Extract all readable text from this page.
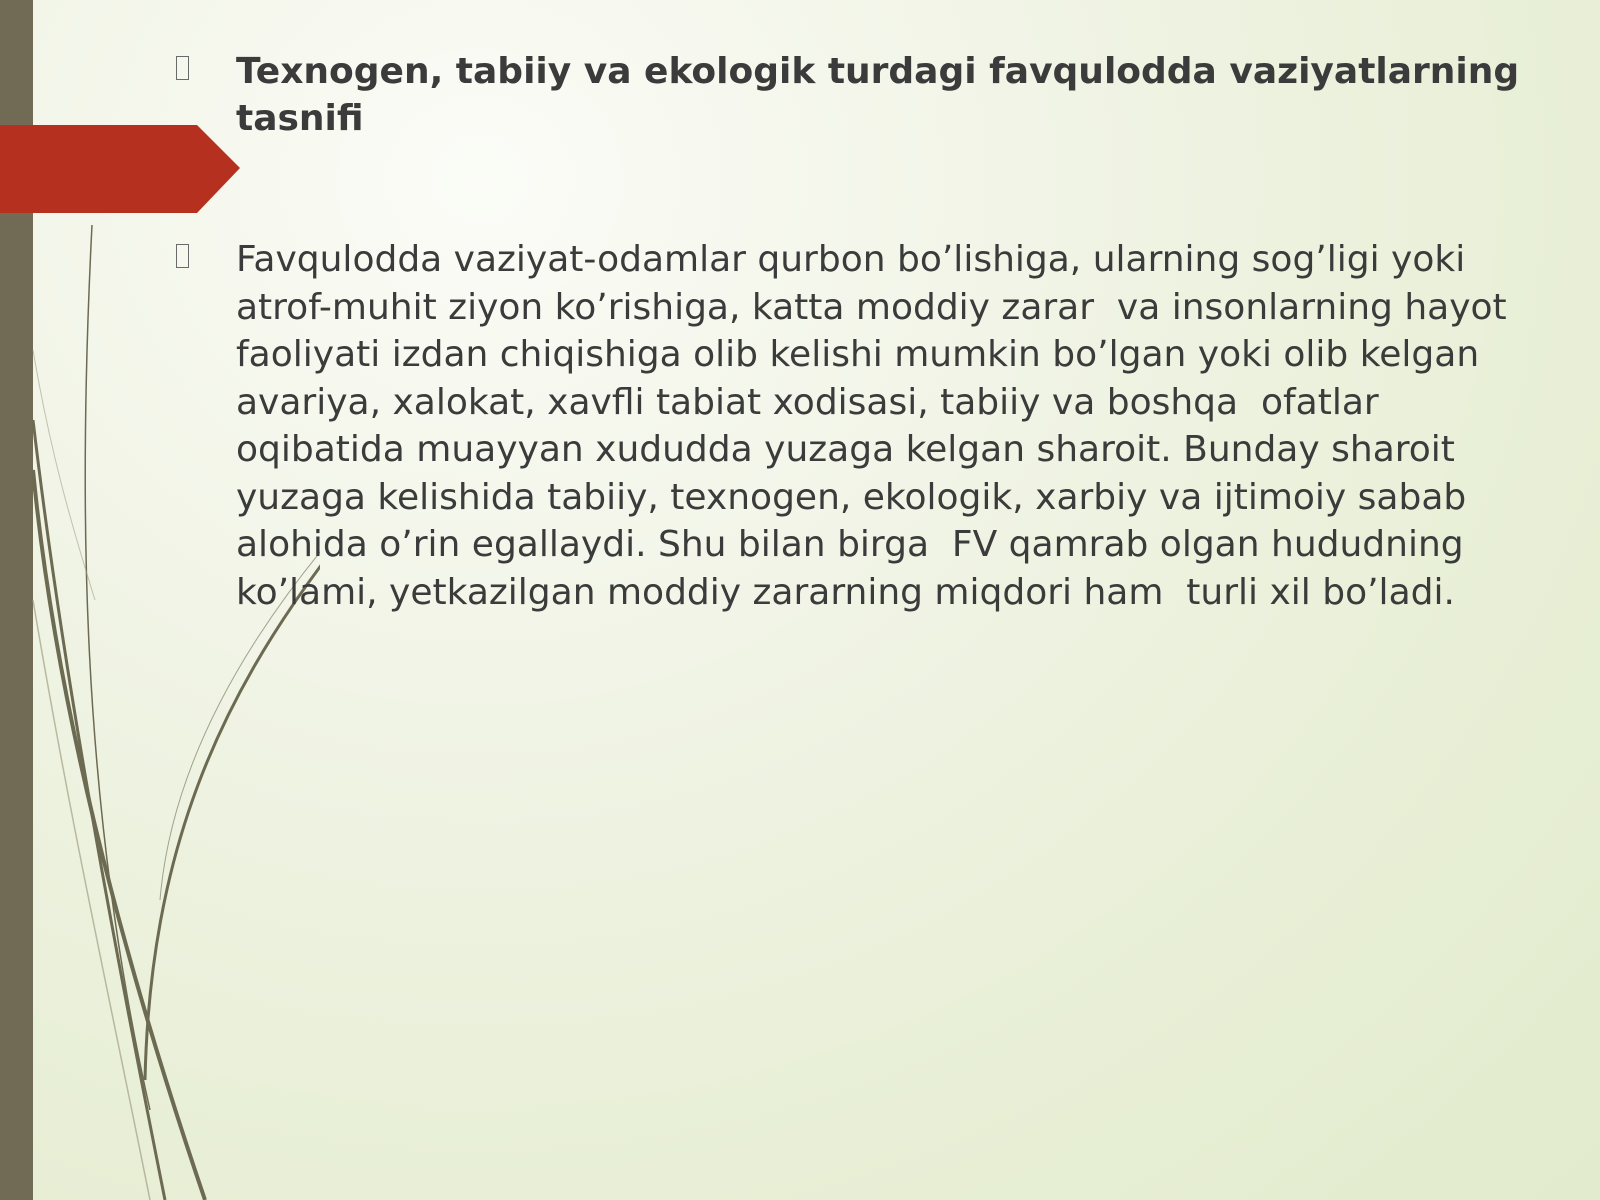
Texnogen, tabiiy va ekologik turdagi favqulodda vaziyatlarning
tasnifi
Favqulodda vaziyat-odamlar qurbon bo’lishiga, ularning sog’ligi yoki
atrof-muhit ziyon ko’rishiga, katta moddiy zarar  va insonlarning hayot
faoliyati izdan chiqishiga olib kelishi mumkin bo’lgan yoki olib kelgan
avariya, xalokat, xavfli tabiat xodisasi, tabiiy va boshqa  ofatlar
oqibatida muayyan xududda yuzaga kelgan sharoit. Bunday sharoit
yuzaga kelishida tabiiy, texnogen, ekologik, xarbiy va ijtimoiy sabab
alohida o’rin egallaydi. Shu bilan birga  FV qamrab olgan hududning
ko’lami, yetkazilgan moddiy zararning miqdori ham  turli xil bo’ladi.
